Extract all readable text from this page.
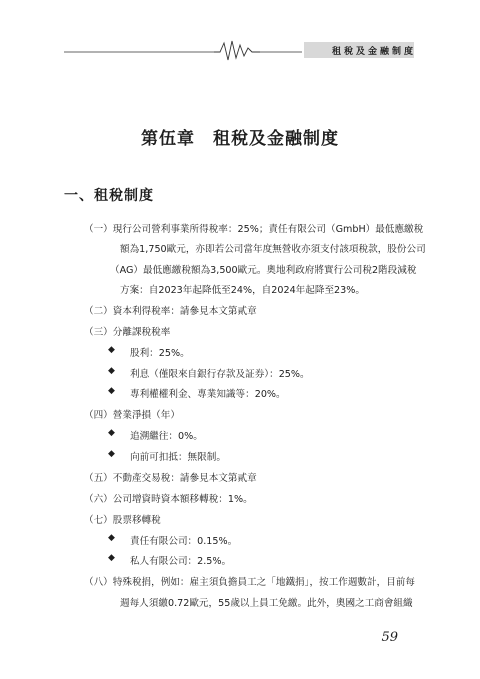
租稅及金融制度
第伍章　租稅及金融制度
一、租稅制度
（一）現行公司營利事業所得稅率：25%；責任有限公司（GmbH）最低應繳稅
額為1,750歐元，亦即若公司當年度無營收亦須支付該項稅款，股份公司
（AG）最低應繳稅額為3,500歐元。奧地利政府將實行公司稅2階段減稅
方案：自2023年起降低至24%，自2024年起降至23%。
（二）資本利得稅率：請參見本文第貳章
（三）分離課稅稅率
◆ 股利：25%。
◆ 利息（僅限來自銀行存款及証券）：25%。
◆ 專利權權利金、專業知識等：20%。
（四）營業淨損（年）
◆ 追溯繼往：0%。
◆ 向前可扣抵：無限制。
（五）不動產交易稅：請參見本文第貳章
（六）公司增資時資本額移轉稅：1%。
（七）股票移轉稅
◆ 責任有限公司：0.15%。
◆ 私人有限公司：2.5%。
（八）特殊稅捐，例如：雇主須負擔員工之「地鐵捐」，按工作週數計，目前每
週每人須繳0.72歐元，55歲以上員工免繳。此外，奧國之工商會組織
59
